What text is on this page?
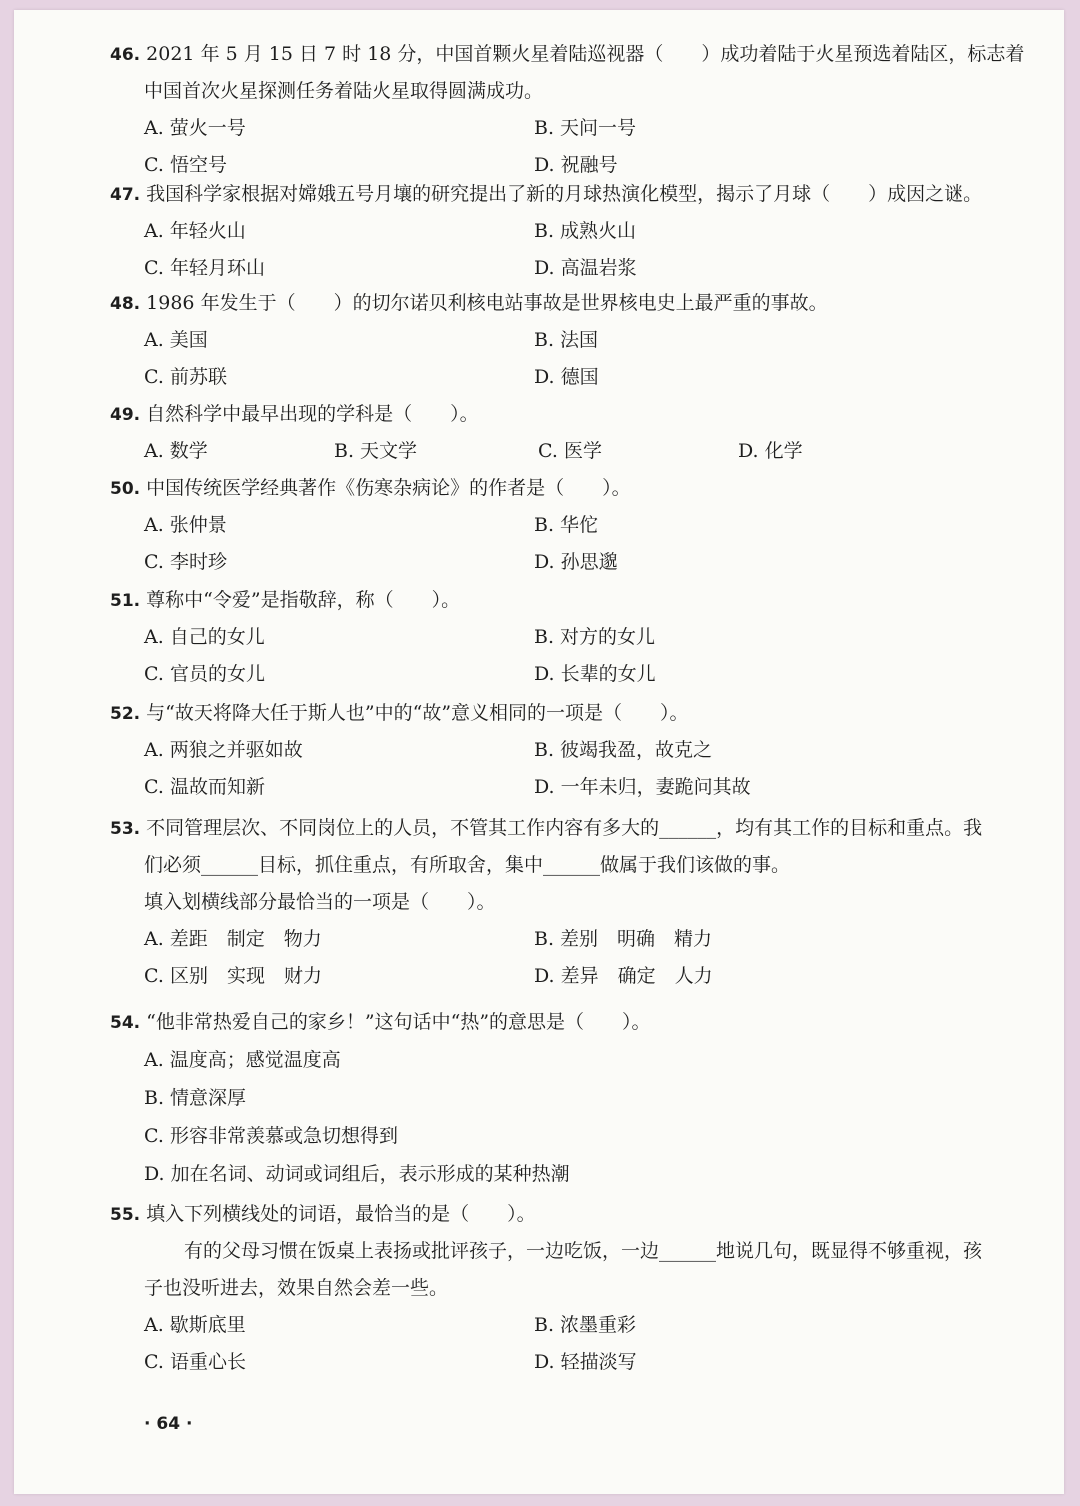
46. 2021 年 5 月 15 日 7 时 18 分，中国首颗火星着陆巡视器（　　）成功着陆于火星预选着陆区，标志着
中国首次火星探测任务着陆火星取得圆满成功。
A. 萤火一号	B. 天问一号
C. 悟空号	D. 祝融号
47. 我国科学家根据对嫦娥五号月壤的研究提出了新的月球热演化模型，揭示了月球（　　）成因之谜。
A. 年轻火山	B. 成熟火山
C. 年轻月环山	D. 高温岩浆
48. 1986 年发生于（　　）的切尔诺贝利核电站事故是世界核电史上最严重的事故。
A. 美国	B. 法国
C. 前苏联	D. 德国
49. 自然科学中最早出现的学科是（　　）。
A. 数学	B. 天文学	C. 医学	D. 化学
50. 中国传统医学经典著作《伤寒杂病论》的作者是（　　）。
A. 张仲景	B. 华佗
C. 李时珍	D. 孙思邈
51. 尊称中“令爱”是指敬辞，称（　　）。
A. 自己的女儿	B. 对方的女儿
C. 官员的女儿	D. 长辈的女儿
52. 与“故天将降大任于斯人也”中的“故”意义相同的一项是（　　）。
A. 两狼之并驱如故	B. 彼竭我盈，故克之
C. 温故而知新	D. 一年未归，妻跪问其故
53. 不同管理层次、不同岗位上的人员，不管其工作内容有多大的______，均有其工作的目标和重点。我
们必须______目标，抓住重点，有所取舍，集中______做属于我们该做的事。
填入划横线部分最恰当的一项是（　　）。
A. 差距　制定　物力	B. 差别　明确　精力
C. 区别　实现　财力	D. 差异　确定　人力
54. “他非常热爱自己的家乡！”这句话中“热”的意思是（　　）。
A. 温度高；感觉温度高
B. 情意深厚
C. 形容非常羡慕或急切想得到
D. 加在名词、动词或词组后，表示形成的某种热潮
55. 填入下列横线处的词语，最恰当的是（　　）。
有的父母习惯在饭桌上表扬或批评孩子，一边吃饭，一边______地说几句，既显得不够重视，孩
子也没听进去，效果自然会差一些。
A. 歇斯底里	B. 浓墨重彩
C. 语重心长	D. 轻描淡写
· 64 ·
